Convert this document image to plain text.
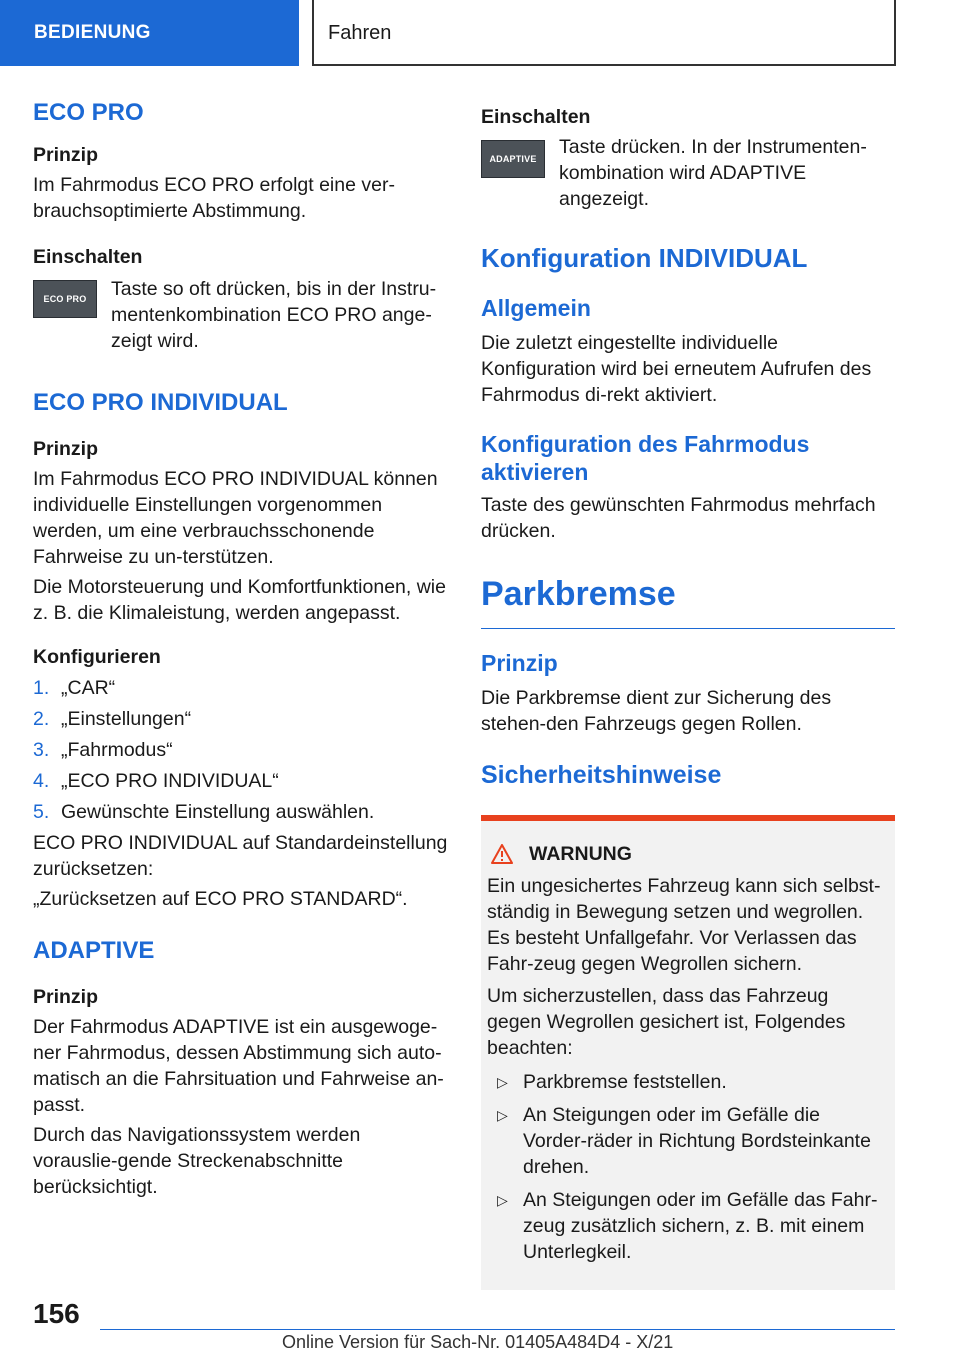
BEDIENUNG	Fahren
ECO PRO
Prinzip

Im Fahrmodus ECO PRO erfolgt eine ver‐brauchsoptimierte Abstimmung.

Einschalten
ECO PRO	Taste so oft drücken, bis in der Instru‐mentenkombination ECO PRO ange‐zeigt wird.

ECO PRO INDIVIDUAL
Prinzip

Im Fahrmodus ECO PRO INDIVIDUAL können individuelle Einstellungen vorgenommen werden, um eine verbrauchsschonende Fahrweise zu un‐terstützen.

Die Motorsteuerung und Komfortfunktionen, wie z. B. die Klimaleistung, werden angepasst.

Konfigurieren
1. „CAR“
2. „Einstellungen“
3. „Fahrmodus“
4. „ECO PRO INDIVIDUAL“
5. Gewünschte Einstellung auswählen.

ECO PRO INDIVIDUAL auf Standardeinstellung zurücksetzen:

„Zurücksetzen auf ECO PRO STANDARD“.

ADAPTIVE
Prinzip

Der Fahrmodus ADAPTIVE ist ein ausgewoge‐ner Fahrmodus, dessen Abstimmung sich auto‐matisch an die Fahrsituation und Fahrweise an‐passt.

Durch das Navigationssystem werden vorauslie‐gende Streckenabschnitte berücksichtigt.

Einschalten
ADAPTIVE

Taste drücken. In der Instrumenten‐kombination wird ADAPTIVE angezeigt.

Konfiguration INDIVIDUAL
Allgemein

Die zuletzt eingestellte individuelle Konfiguration wird bei erneutem Aufrufen des Fahrmodus di‐rekt aktiviert.

Konfiguration des Fahrmodus aktivieren

Taste des gewünschten Fahrmodus mehrfach drücken.

Parkbremse
Prinzip

Die Parkbremse dient zur Sicherung des stehen‐den Fahrzeugs gegen Rollen.

Sicherheitshinweise
WARNUNG

Ein ungesichertes Fahrzeug kann sich selbst‐ständig in Bewegung setzen und wegrollen. Es besteht Unfallgefahr. Vor Verlassen das Fahr‐zeug gegen Wegrollen sichern.

Um sicherzustellen, dass das Fahrzeug gegen Wegrollen gesichert ist, Folgendes beachten:

▷ Parkbremse feststellen.
▷ An Steigungen oder im Gefälle die Vorder‐räder in Richtung Bordsteinkante drehen.
▷ An Steigungen oder im Gefälle das Fahr‐zeug zusätzlich sichern, z. B. mit einem Unterlegkeil.
156
Online Version für Sach-Nr. 01405A484D4 - X/21
